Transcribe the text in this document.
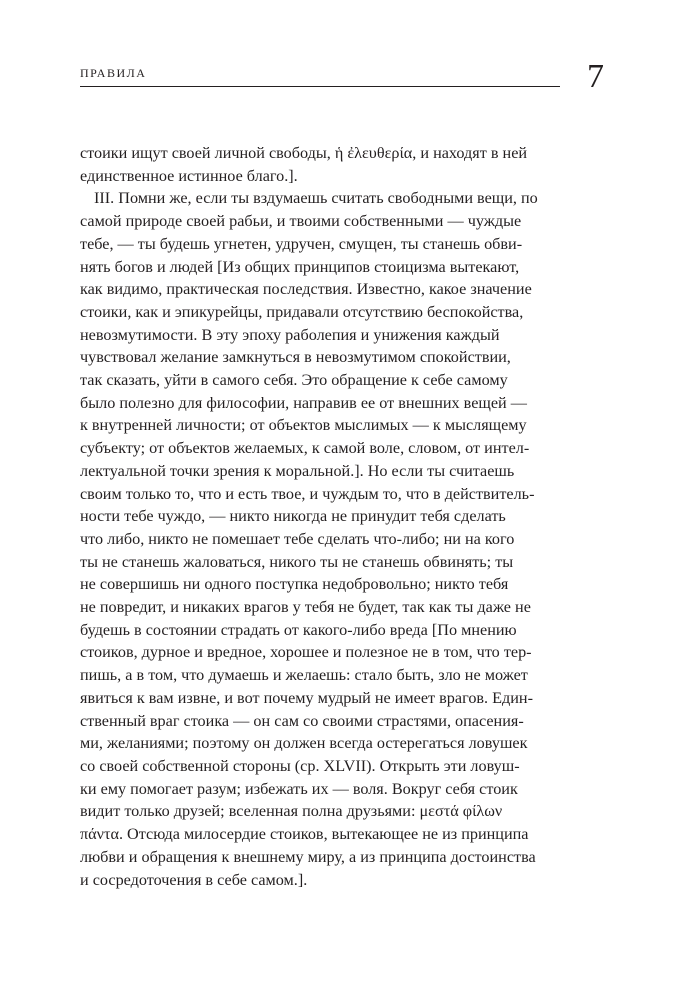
ПРАВИЛА	7
стоики ищут своей личной свободы, ἡ ἐλευθερία, и находят в ней
единственное истинное благо.].
III. Помни же, если ты вздумаешь считать свободными вещи, по
самой природе своей рабьи, и твоими собственными — чуждые
тебе, — ты будешь угнетен, удручен, смущен, ты станешь обви-
нять богов и людей [Из общих принципов стоицизма вытекают,
как видимо, практическая последствия. Известно, какое значение
стоики, как и эпикурейцы, придавали отсутствию беспокойства,
невозмутимости. В эту эпоху раболепия и унижения каждый
чувствовал желание замкнуться в невозмутимом спокойствии,
так сказать, уйти в самого себя. Это обращение к себе самому
было полезно для философии, направив ее от внешних вещей —
к внутренней личности; от объектов мыслимых — к мыслящему
субъекту; от объектов желаемых, к самой воле, словом, от интел-
лектуальной точки зрения к моральной.]. Но если ты считаешь
своим только то, что и есть твое, и чуждым то, что в действитель-
ности тебе чуждо, — никто никогда не принудит тебя сделать
что либо, никто не помешает тебе сделать что-либо; ни на кого
ты не станешь жаловаться, никого ты не станешь обвинять; ты
не совершишь ни одного поступка недобровольно; никто тебя
не повредит, и никаких врагов у тебя не будет, так как ты даже не
будешь в состоянии страдать от какого-либо вреда [По мнению
стоиков, дурное и вредное, хорошее и полезное не в том, что тер-
пишь, а в том, что думаешь и желаешь: стало быть, зло не может
явиться к вам извне, и вот почему мудрый не имеет врагов. Един-
ственный враг стоика — он сам со своими страстями, опасения-
ми, желаниями; поэтому он должен всегда остерегаться ловушек
со своей собственной стороны (ср. XLVII). Открыть эти ловуш-
ки ему помогает разум; избежать их — воля. Вокруг себя стоик
видит только друзей; вселенная полна друзьями: μεστά φίλων
πάντα. Отсюда милосердие стоиков, вытекающее не из принципа
любви и обращения к внешнему миру, а из принципа достоинства
и сосредоточения в себе самом.].
